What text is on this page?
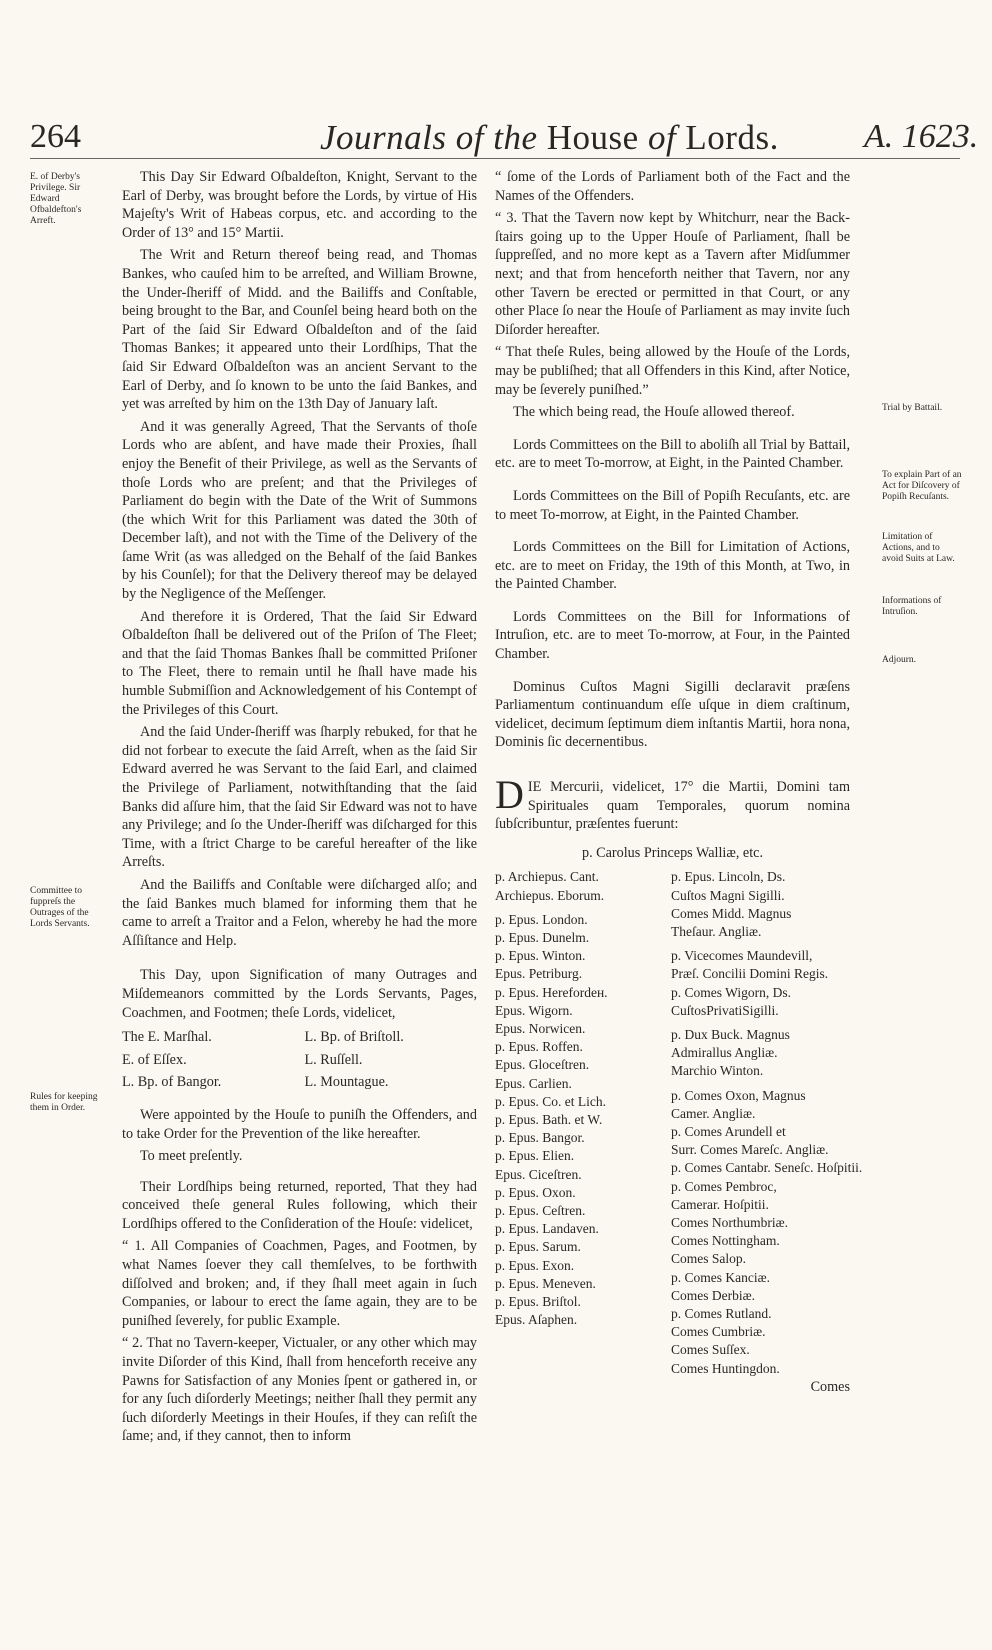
264	Journals of the House of Lords.	A. 1623.
E. of Derby's Privilege. Sir Edward Ofbaldefton's Arreft.
Committee to fuppreſs the Outrages of the Lords Servants.
Rules for keeping them in Order.
Trial by Battail.
To explain Part of an Act for Diſcovery of Popiſh Recuſants.
Limitation of Actions, and to avoid Suits at Law.
Informations of Intruſion.
Adjourn.

This Day Sir Edward Oſbaldeſton, Knight, Servant to the Earl of Derby, was brought before the Lords, by virtue of His Majeſty's Writ of Habeas corpus, etc. and according to the Order of 13° and 15° Martii.

The Writ and Return thereof being read, and Thomas Bankes, who cauſed him to be arreſted, and William Browne, the Under-ſheriff of Midd. and the Bailiffs and Conſtable, being brought to the Bar, and Counſel being heard both on the Part of the ſaid Sir Edward Oſbaldeſton and of the ſaid Thomas Bankes; it appeared unto their Lordſhips, That the ſaid Sir Edward Oſbaldeſton was an ancient Servant to the Earl of Derby, and ſo known to be unto the ſaid Bankes, and yet was arreſted by him on the 13th Day of January laſt.

And it was generally Agreed, That the Servants of thoſe Lords who are abſent, and have made their Proxies, ſhall enjoy the Benefit of their Privilege, as well as the Servants of thoſe Lords who are preſent; and that the Privileges of Parliament do begin with the Date of the Writ of Summons (the which Writ for this Parliament was dated the 30th of December laſt), and not with the Time of the Delivery of the ſame Writ (as was alledged on the Behalf of the ſaid Bankes by his Counſel); for that the Delivery thereof may be delayed by the Negligence of the Meſſenger.

And therefore it is Ordered, That the ſaid Sir Edward Oſbaldeſton ſhall be delivered out of the Priſon of The Fleet; and that the ſaid Thomas Bankes ſhall be committed Priſoner to The Fleet, there to remain until he ſhall have made his humble Submiſſion and Acknowledgement of his Contempt of the Privileges of this Court.

And the ſaid Under-ſheriff was ſharply rebuked, for that he did not forbear to execute the ſaid Arreſt, when as the ſaid Sir Edward averred he was Servant to the ſaid Earl, and claimed the Privilege of Parliament, notwithſtanding that the ſaid Banks did aſſure him, that the ſaid Sir Edward was not to have any Privilege; and ſo the Under-ſheriff was diſcharged for this Time, with a ſtrict Charge to be careful hereafter of the like Arreſts.

And the Bailiffs and Conſtable were diſcharged alſo; and the ſaid Bankes much blamed for informing them that he came to arreſt a Traitor and a Felon, whereby he had the more Aſſiſtance and Help.

This Day, upon Signification of many Outrages and Miſdemeanors committed by the Lords Servants, Pages, Coachmen, and Footmen; theſe Lords, videlicet,

The E. Marſhal.	L. Bp. of Briſtoll.
E. of Eſſex.	L. Ruſſell.
L. Bp. of Bangor.	L. Mountague.

Were appointed by the Houſe to puniſh the Offenders, and to take Order for the Prevention of the like hereafter.

To meet preſently.

Their Lordſhips being returned, reported, That they had conceived theſe general Rules following, which their Lordſhips offered to the Conſideration of the Houſe: videlicet,

“ 1. All Companies of Coachmen, Pages, and Footmen, by what Names ſoever they call themſelves, to be forthwith diſſolved and broken; and, if they ſhall meet again in ſuch Companies, or labour to erect the ſame again, they are to be puniſhed ſeverely, for public Example.

“ 2. That no Tavern-keeper, Victualer, or any other which may invite Diſorder of this Kind, ſhall from henceforth receive any Pawns for Satisfaction of any Monies ſpent or gathered in, or for any ſuch diſorderly Meetings; neither ſhall they permit any ſuch diſorderly Meetings in their Houſes, if they can reſiſt the ſame; and, if they cannot, then to inform

“ ſome of the Lords of Parliament both of the Fact and the Names of the Offenders.

“ 3. That the Tavern now kept by Whitchurr, near the Back-ſtairs going up to the Upper Houſe of Parliament, ſhall be ſuppreſſed, and no more kept as a Tavern after Midſummer next; and that from henceforth neither that Tavern, nor any other Tavern be erected or permitted in that Court, or any other Place ſo near the Houſe of Parliament as may invite ſuch Diſorder hereafter.

“ That theſe Rules, being allowed by the Houſe of the Lords, may be publiſhed; that all Offenders in this Kind, after Notice, may be ſeverely puniſhed.”

The which being read, the Houſe allowed thereof.

Lords Committees on the Bill to aboliſh all Trial by Battail, etc. are to meet To-morrow, at Eight, in the Painted Chamber.

Lords Committees on the Bill of Popiſh Recuſants, etc. are to meet To-morrow, at Eight, in the Painted Chamber.

Lords Committees on the Bill for Limitation of Actions, etc. are to meet on Friday, the 19th of this Month, at Two, in the Painted Chamber.

Lords Committees on the Bill for Informations of Intruſion, etc. are to meet To-morrow, at Four, in the Painted Chamber.

Dominus Cuſtos Magni Sigilli declaravit præſens Parliamentum continuandum eſſe uſque in diem craſtinum, videlicet, decimum ſeptimum diem inſtantis Martii, hora nona, Dominis ſic decernentibus.

D IE Mercurii, videlicet, 17° die Martii, Domini tam Spirituales quam Temporales, quorum nomina ſubſcribuntur, præſentes fuerunt:
p. Carolus Princeps Walliæ, etc.
p. Archiepus. Cant.
Archiepus. Eborum.
p. Epus. London.
p. Epus. Dunelm.
p. Epus. Winton.
Epus. Petriburg.
p. Epus. Herefordeн.
Epus. Wigorn.
Epus. Norwicen.
p. Epus. Roffen.
Epus. Gloceſtren.
Epus. Carlien.
p. Epus. Co. et Lich.
p. Epus. Bath. et W.
p. Epus. Bangor.
p. Epus. Elien.
Epus. Ciceſtren.
p. Epus. Oxon.
p. Epus. Ceſtren.
p. Epus. Landaven.
p. Epus. Sarum.
p. Epus. Exon.
p. Epus. Meneven.
p. Epus. Briſtol.
Epus. Aſaphen.
p. Epus. Lincoln, Ds.
Cuſtos Magni Sigilli.
Comes Midd. Magnus
Theſaur. Angliæ.
p. Vicecomes Maundevill,
Præſ. Concilii Domini Regis.
p. Comes Wigorn, Ds.
CuſtosPrivatiSigilli.
p. Dux Buck. Magnus
Admirallus Angliæ.
Marchio Winton.
p. Comes Oxon, Magnus
Camer. Angliæ.
p. Comes Arundell et
Surr. Comes Mareſc. Angliæ.
p. Comes Cantabr. Seneſc. Hoſpitii.
p. Comes Pembroc,
Camerar. Hoſpitii.
Comes Northumbriæ.
Comes Nottingham.
Comes Salop.
p. Comes Kanciæ.
Comes Derbiæ.
p. Comes Rutland.
Comes Cumbriæ.
Comes Suſſex.
Comes Huntingdon.
Comes
